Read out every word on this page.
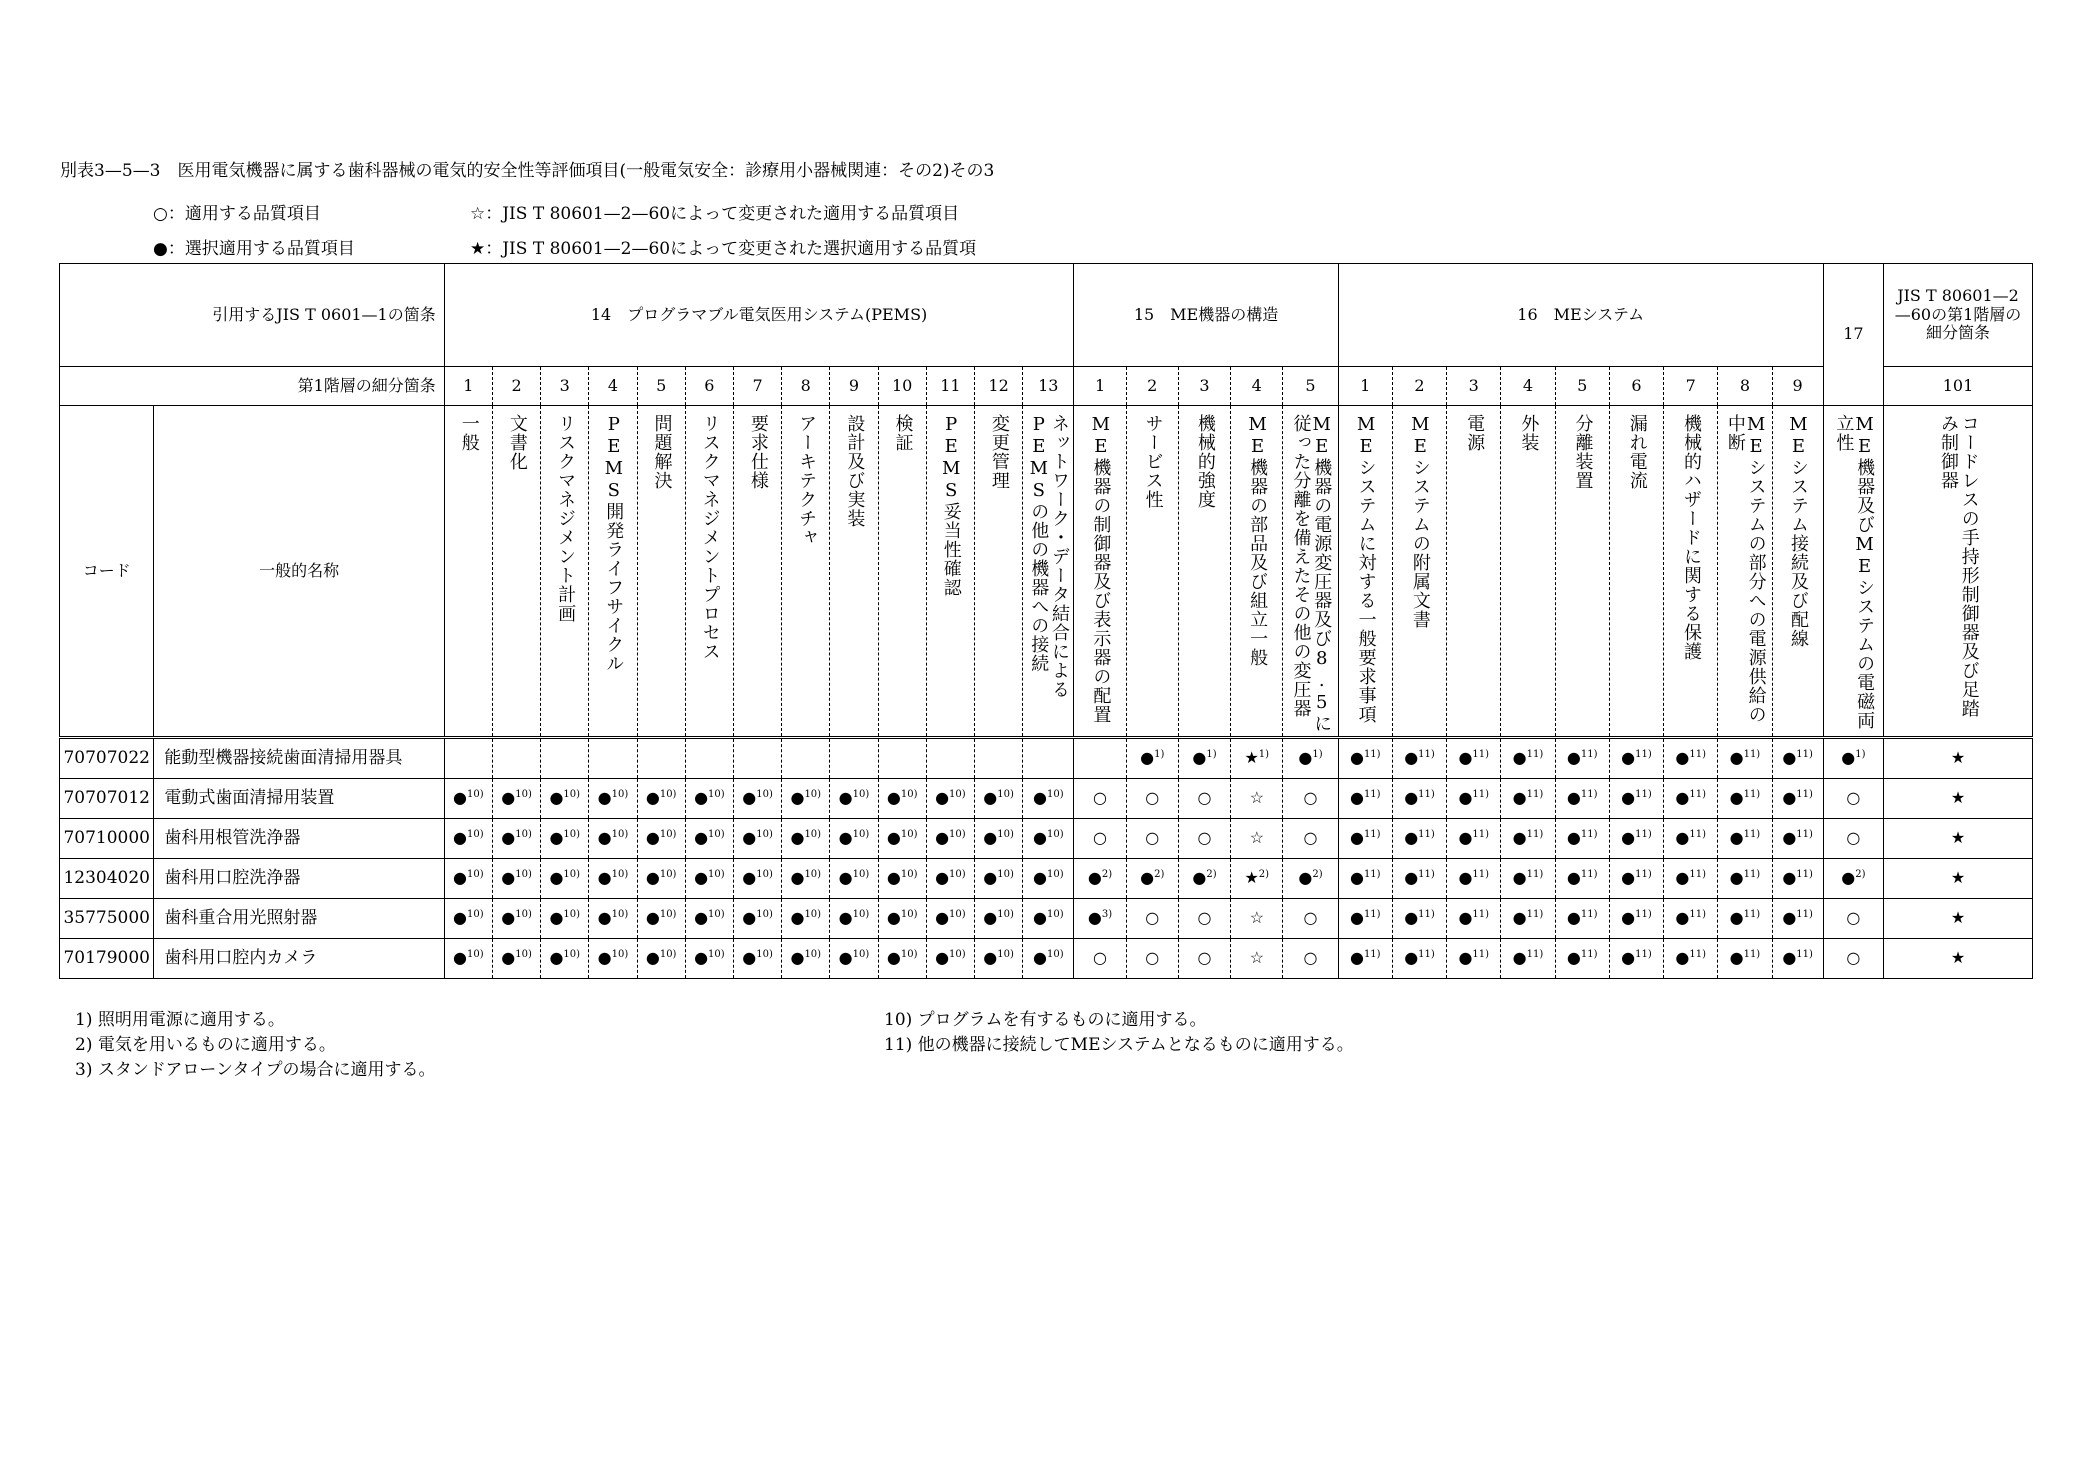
別表3—5—3　医用電気機器に属する歯科器械の電気的安全性等評価項目(一般電気安全：診療用小器械関連：その2)その3
○：適用する品質項目
●：選択適用する品質項目
☆：JIS T 80601—2—60によって変更された適用する品質項目
★：JIS T 80601—2—60によって変更された選択適用する品質項
引用するJIS T 0601—1の箇条		14　プログラマブル電気医用システム(PEMS)													15　ME機器の構造					16　MEシステム									17	JIS T 80601—2—60の第1階層の細分箇条
第1階層の細分箇条		1	2	3	4	5	6	7	8	9	10	11	12	13	1	2	3	4	5	1	2	3	4	5	6	7	8	9		101
コード	一般的名称	一般	文書化	リスクマネジメント計画	PEMS開発ライフサイクル	問題解決	リスクマネジメントプロセス	要求仕様	アーキテクチャ	設計及び実装	検証	PEMS妥当性確認	変更管理	ネットワーク・データ結合によるPEMSの他の機器への接続	ME機器の制御器及び表示器の配置	サービス性	機械的強度	ME機器の部品及び組立一般	ME機器の電源変圧器及び8.5に従った分離を備えたその他の変圧器	MEシステムに対する一般要求事項	MEシステムの附属文書	電源	外装	分離装置	漏れ電流	機械的ハザードに関する保護	MEシステムの部分への電源供給の中断	MEシステム接続及び配線	ME機器及びMEシステムの電磁両立性	コードレスの手持形制御器及び足踏み制御器

70707022	能動型機器接続歯面清掃用器具															●$^{1)}$	●$^{1)}$	★$^{1)}$	●$^{1)}$	●$^{11)}$	●$^{11)}$	●$^{11)}$	●$^{11)}$	●$^{11)}$	●$^{11)}$	●$^{11)}$	●$^{11)}$	●$^{11)}$	●$^{1)}$	★
70707012	電動式歯面清掃用装置	●$^{10)}$	●$^{10)}$	●$^{10)}$	●$^{10)}$	●$^{10)}$	●$^{10)}$	●$^{10)}$	●$^{10)}$	●$^{10)}$	●$^{10)}$	●$^{10)}$	●$^{10)}$	●$^{10)}$	○	○	○	☆	○	●$^{11)}$	●$^{11)}$	●$^{11)}$	●$^{11)}$	●$^{11)}$	●$^{11)}$	●$^{11)}$	●$^{11)}$	●$^{11)}$	○	★
70710000	歯科用根管洗浄器	●$^{10)}$	●$^{10)}$	●$^{10)}$	●$^{10)}$	●$^{10)}$	●$^{10)}$	●$^{10)}$	●$^{10)}$	●$^{10)}$	●$^{10)}$	●$^{10)}$	●$^{10)}$	●$^{10)}$	○	○	○	☆	○	●$^{11)}$	●$^{11)}$	●$^{11)}$	●$^{11)}$	●$^{11)}$	●$^{11)}$	●$^{11)}$	●$^{11)}$	●$^{11)}$	○	★
12304020	歯科用口腔洗浄器	●$^{10)}$	●$^{10)}$	●$^{10)}$	●$^{10)}$	●$^{10)}$	●$^{10)}$	●$^{10)}$	●$^{10)}$	●$^{10)}$	●$^{10)}$	●$^{10)}$	●$^{10)}$	●$^{10)}$	●$^{2)}$	●$^{2)}$	●$^{2)}$	★$^{2)}$	●$^{2)}$	●$^{11)}$	●$^{11)}$	●$^{11)}$	●$^{11)}$	●$^{11)}$	●$^{11)}$	●$^{11)}$	●$^{11)}$	●$^{11)}$	●$^{2)}$	★
35775000	歯科重合用光照射器	●$^{10)}$	●$^{10)}$	●$^{10)}$	●$^{10)}$	●$^{10)}$	●$^{10)}$	●$^{10)}$	●$^{10)}$	●$^{10)}$	●$^{10)}$	●$^{10)}$	●$^{10)}$	●$^{10)}$	●$^{3)}$	○	○	☆	○	●$^{11)}$	●$^{11)}$	●$^{11)}$	●$^{11)}$	●$^{11)}$	●$^{11)}$	●$^{11)}$	●$^{11)}$	●$^{11)}$	○	★
70179000	歯科用口腔内カメラ	●$^{10)}$	●$^{10)}$	●$^{10)}$	●$^{10)}$	●$^{10)}$	●$^{10)}$	●$^{10)}$	●$^{10)}$	●$^{10)}$	●$^{10)}$	●$^{10)}$	●$^{10)}$	●$^{10)}$	○	○	○	☆	○	●$^{11)}$	●$^{11)}$	●$^{11)}$	●$^{11)}$	●$^{11)}$	●$^{11)}$	●$^{11)}$	●$^{11)}$	●$^{11)}$	○	★
1) 照明用電源に適用する。
2) 電気を用いるものに適用する。
3) スタンドアローンタイプの場合に適用する。
10) プログラムを有するものに適用する。
11) 他の機器に接続してMEシステムとなるものに適用する。
